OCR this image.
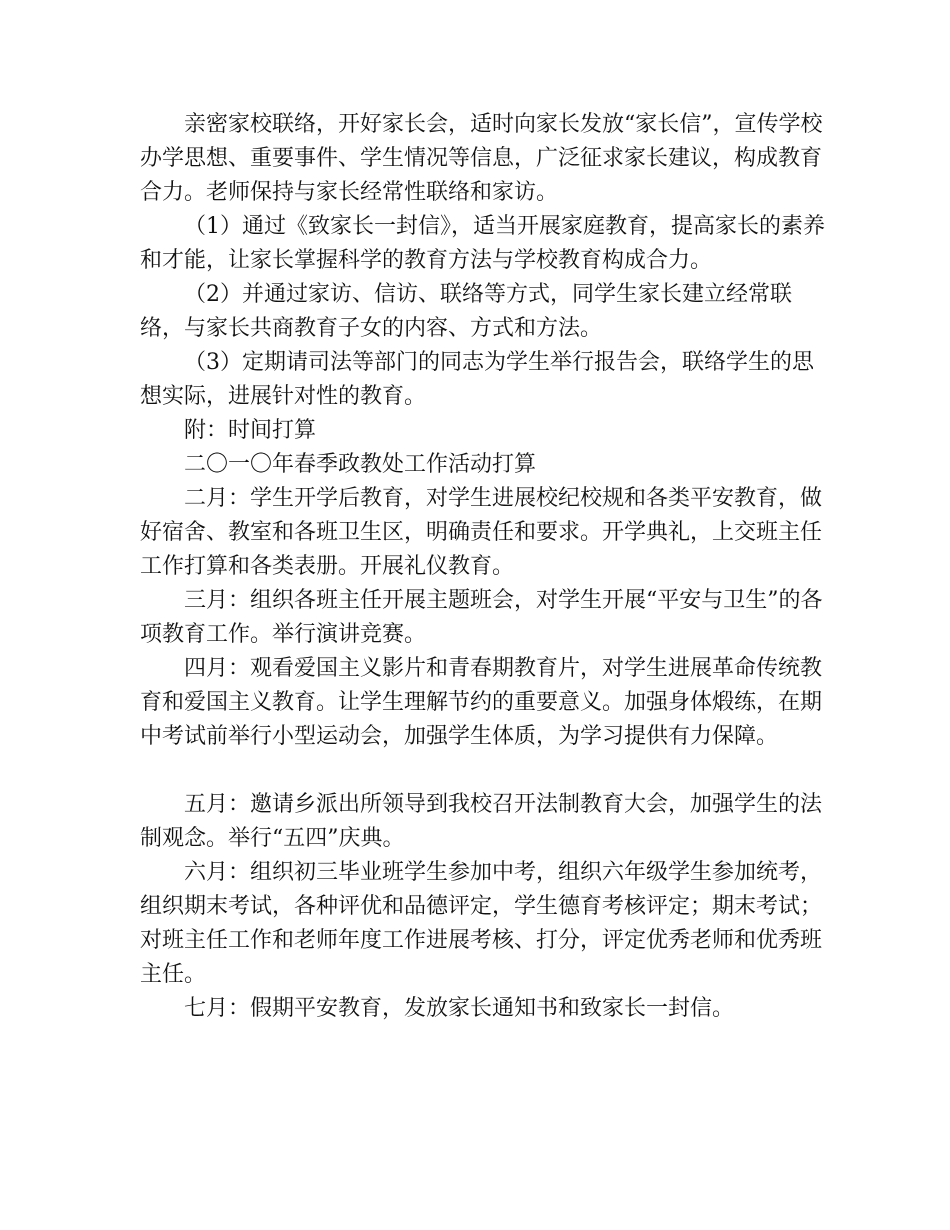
亲密家校联络，开好家长会，适时向家长发放“家长信”，宣传学校办学思想、重要事件、学生情况等信息，广泛征求家长建议，构成教育合力。老师保持与家长经常性联络和家访。

（1）通过《致家长一封信》，适当开展家庭教育，提高家长的素养和才能，让家长掌握科学的教育方法与学校教育构成合力。

（2）并通过家访、信访、联络等方式，同学生家长建立经常联络，与家长共商教育子女的内容、方式和方法。

（3）定期请司法等部门的同志为学生举行报告会，联络学生的思想实际，进展针对性的教育。

附：时间打算

二〇一〇年春季政教处工作活动打算

二月：学生开学后教育，对学生进展校纪校规和各类平安教育，做好宿舍、教室和各班卫生区，明确责任和要求。开学典礼，上交班主任工作打算和各类表册。开展礼仪教育。

三月：组织各班主任开展主题班会，对学生开展“平安与卫生”的各项教育工作。举行演讲竞赛。

四月：观看爱国主义影片和青春期教育片，对学生进展革命传统教育和爱国主义教育。让学生理解节约的重要意义。加强身体煅练，在期中考试前举行小型运动会，加强学生体质，为学习提供有力保障。

五月：邀请乡派出所领导到我校召开法制教育大会，加强学生的法制观念。举行“五四”庆典。

六月：组织初三毕业班学生参加中考，组织六年级学生参加统考，组织期末考试，各种评优和品德评定，学生德育考核评定；期末考试；对班主任工作和老师年度工作进展考核、打分，评定优秀老师和优秀班主任。

七月：假期平安教育，发放家长通知书和致家长一封信。
